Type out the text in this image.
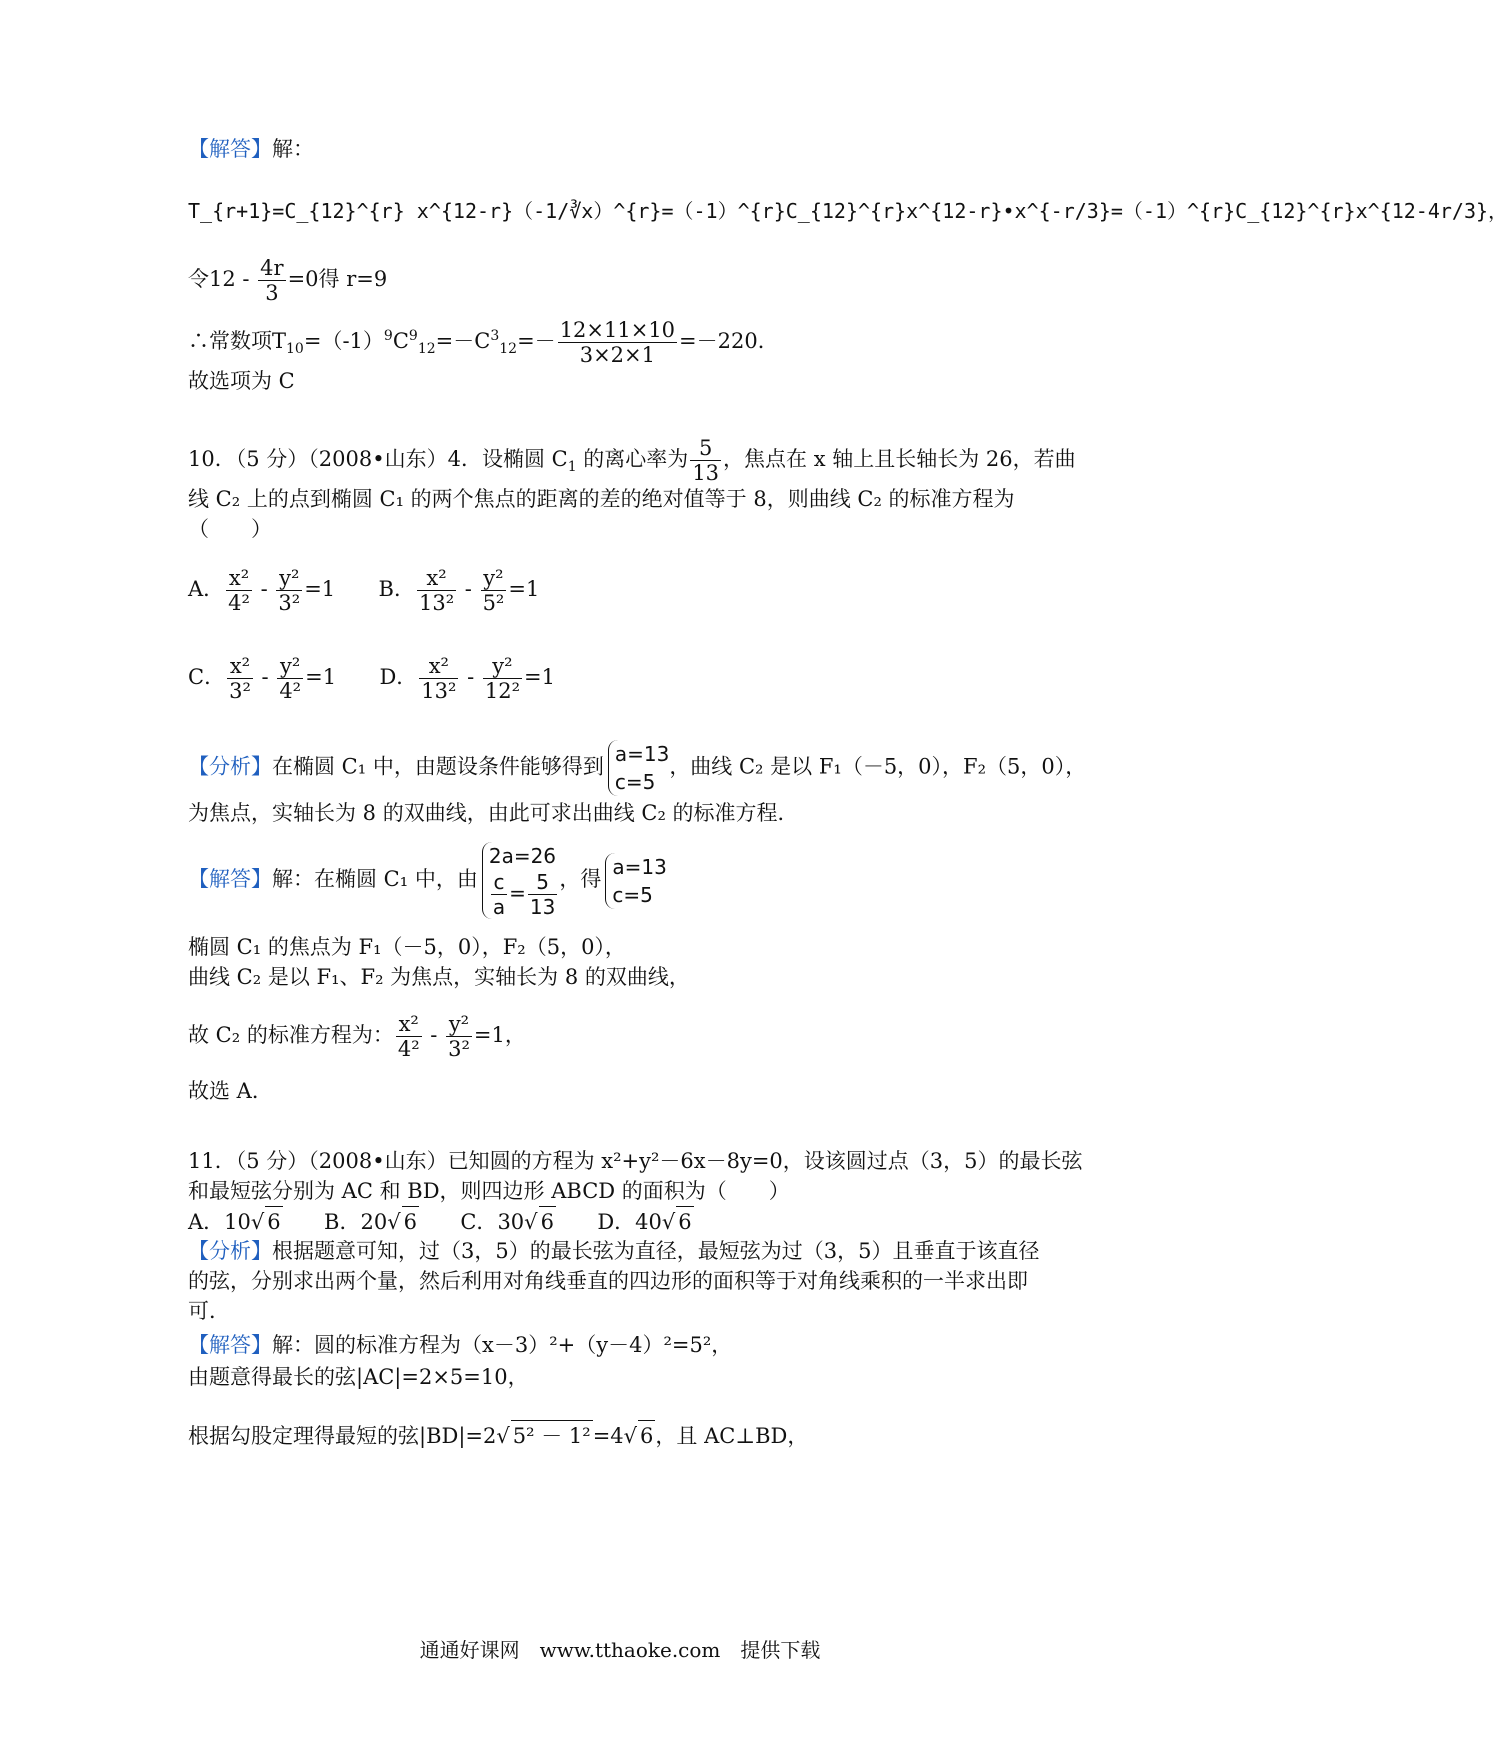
【解答】解：
T_{r+1}=C_{12}^{r} x^{12-r}（-1/∛x）^{r}=（-1）^{r}C_{12}^{r}x^{12-r}•x^{-r/3}=（-1）^{r}C_{12}^{r}x^{12-4r/3}，
令$12 - \frac{4r}{3} =0$得 r=9
∴常数项$T_{10}=(-1)^9C^9_{12}=-C^3_{12}=- \frac{12\times 11\times 10}{3\times 2\times 1} =-220$．
故选项为 C
10．（5 分）（2008•山东）4．设椭圆 $C_1$ 的离心率为 $\frac{5}{13}$ ，焦点在 x 轴上且长轴长为 26，若曲
线 C₂ 上的点到椭圆 C₁ 的两个焦点的距离的差的绝对值等于 8，则曲线 C₂ 的标准方程为
（　　）
A． $\frac{\text{x²}}{\text{4²}} - \frac{\text{y²}}{\text{3²}} =1$ B． $\frac{\text{x²}}{\text{13²}} - \frac{\text{y²}}{\text{5²}} =1$
C． $\frac{\text{x²}}{\text{3²}} - \frac{\text{y²}}{\text{4²}} =1$ D． $\frac{\text{x²}}{\text{13²}} - \frac{\text{y²}}{\text{12²}} =1$
【分析】在椭圆 C₁ 中，由题设条件能够得到
a=13
c=5
，曲线 C₂ 是以 F₁（－5，0），F₂（5，0），
为焦点，实轴长为 8 的双曲线，由此可求出曲线 C₂ 的标准方程．
【解答】解：在椭圆 C₁ 中，由
2a=26
$\frac{c}{a} = \frac{5}{13}$ ，得
a=13
c=5
椭圆 C₁ 的焦点为 F₁（－5，0），F₂（5，0），
曲线 C₂ 是以 F₁、F₂ 为焦点，实轴长为 8 的双曲线，
故 C₂ 的标准方程为： $\frac{\text{x²}}{\text{4²}} - \frac{\text{y²}}{\text{3²}} =1$，
故选 A．
11．（5 分）（2008•山东）已知圆的方程为 x²+y²－6x－8y=0，设该圆过点（3，5）的最长弦
和最短弦分别为 AC 和 BD，则四边形 ABCD 的面积为（　　）
A．10√ 6 B．20√ 6 C．30√ 6 D．40√ 6
【分析】根据题意可知，过（3，5）的最长弦为直径，最短弦为过（3，5）且垂直于该直径
的弦，分别求出两个量，然后利用对角线垂直的四边形的面积等于对角线乘积的一半求出即
可．
【解答】解：圆的标准方程为（x－3）²+（y－4）²=5²，
由题意得最长的弦|AC|=2×5=10，
根据勾股定理得最短的弦|BD|=2√ 5² － 1²=4√ 6，且 AC⊥BD，
通通好课网　www.tthaoke.com　提供下载
